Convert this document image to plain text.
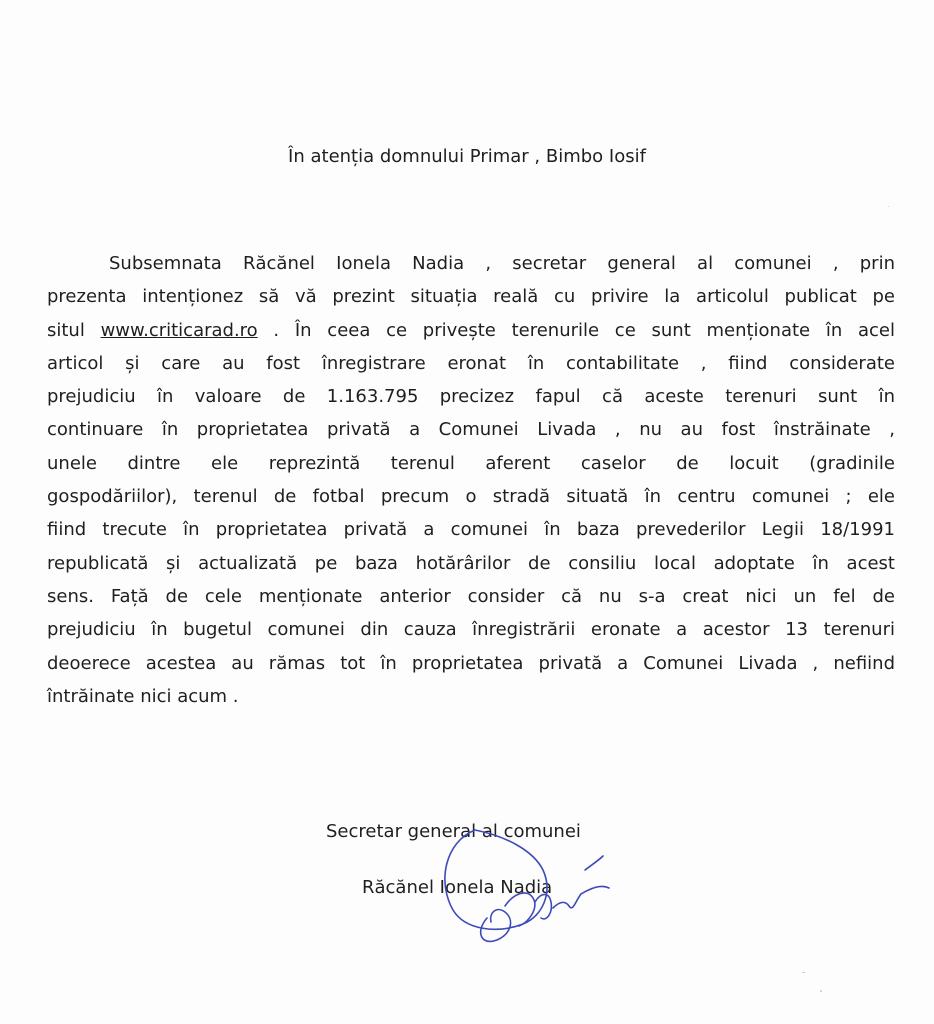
În atenția domnului Primar , Bimbo Iosif
Subsemnata Răcănel Ionela Nadia , secretar general al comunei , prin
prezenta intenționez să vă prezint situația reală cu privire la articolul publicat pe
situl www.criticarad.ro . În ceea ce privește terenurile ce sunt menționate în acel
articol și care au fost înregistrare eronat în contabilitate , fiind considerate
prejudiciu în valoare de 1.163.795 precizez fapul că aceste terenuri sunt în
continuare în proprietatea privată a Comunei Livada , nu au fost înstrăinate ,
unele dintre ele reprezintă terenul aferent caselor de locuit (gradinile
gospodăriilor), terenul de fotbal precum o stradă situată în centru comunei ; ele
fiind trecute în proprietatea privată a comunei în baza prevederilor Legii 18/1991
republicată și actualizată pe baza hotărârilor de consiliu local adoptate în acest
sens. Față de cele menționate anterior consider că nu s-a creat nici un fel de
prejudiciu în bugetul comunei din cauza înregistrării eronate a acestor 13 terenuri
deoerece acestea au rămas tot în proprietatea privată a Comunei Livada , nefiind
întrăinate nici acum .
Secretar general al comunei
Răcănel Ionela Nadia
